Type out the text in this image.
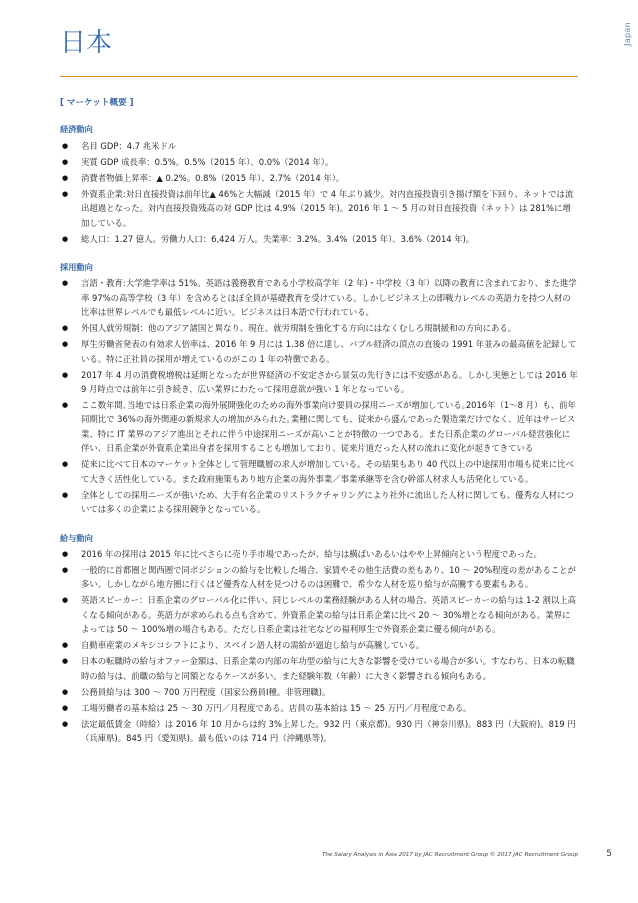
Japan
日本
[ マーケット概要 ]
経済動向
● 名目 GDP：4.7 兆米ドル
● 実質 GDP 成長率：0.5%。0.5%（2015 年）、0.0%（2014 年）。
● 消費者物価上昇率：▲ 0.2%。0.8%（2015 年）、2.7%（2014 年）。
● 外資系企業:対日直接投資は前年比▲ 46%と大幅減（2015 年）で 4 年ぶり減少。対内直接投資引き揚げ額を下回り、ネットでは流出超過となった。対内直接投資残高の対 GDP 比は 4.9%（2015 年)。2016 年 1 ～ 5 月の対日直接投資（ネット）は 281%に増加している。
● 総人口：1.27 億人。労働力人口：6,424 万人。失業率：3.2%。3.4%（2015 年）、3.6%（2014 年)。
採用動向
● 言語・教育:大学進学率は 51%。英語は義務教育である小学校高学年（2 年)・中学校（3 年）以降の教育に含まれており、また進学率 97%の高等学校（3 年）を含めるとほぼ全員が基礎教育を受けている。しかしビジネス上の即戦力レベルの英語力を持つ人材の比率は世界レベルでも最低レベルに近い。ビジネスは日本語で行われている。
● 外国人就労規制：他のアジア諸国と異なり、現在、就労規制を強化する方向にはなくむしろ規制緩和の方向にある。
● 厚生労働省発表の有効求人倍率は、2016 年 9 月には 1.38 倍に達し、バブル経済の頂点の直後の 1991 年並みの最高値を記録している。特に正社員の採用が増えているのがこの 1 年の特徴である。
● 2017 年 4 月の消費税増税は延期となったが世界経済の不安定さから景気の先行きには不安感がある。しかし実態としては 2016 年 9 月時点では前年に引き続き、広い業界にわたって採用意欲が強い 1 年となっている。
● ここ数年間､当地では日系企業の海外展開強化のための海外事業向け要員の採用ニーズが増加している｡2016年（1～8 月）も、前年同期比で 36%の海外関連の新規求人の増加がみられた｡業種に関しても、従来から盛んであった製造業だけでなく、近年はサービス業、特に IT 業界のアジア進出とそれに伴う中途採用ニーズが高いことが特徴の一つである。また日系企業のグローバル経営強化に伴い、日系企業が外資系企業出身者を採用することも増加しており、従来片道だった人材の流れに変化が起きてきている
● 従来に比べて日本のマーケット全体として管理職層の求人が増加している。その結果もあり 40 代以上の中途採用市場も従来に比べて大きく活性化している。また政府施策もあり地方企業の海外事業／事業承継等を含む幹部人材求人も活発化している。
● 全体としての採用ニーズが強いため、大手有名企業のリストラクチャリングにより社外に流出した人材に関しても、優秀な人材については多くの企業による採用競争となっている。
給与動向
● 2016 年の採用は 2015 年に比べさらに売り手市場であったが、給与は横ばいあるいはやや上昇傾向という程度であった。
● 一般的に首都圏と関西圏で同ポジションの給与を比較した場合、家賃やその他生活費の差もあり、10 ～ 20%程度の差があることが多い。しかしながら地方圏に行くほど優秀な人材を見つけるのは困難で、希少な人材を巡り給与が高騰する要素もある。
● 英語スピーカー：日系企業のグローバル化に伴い、同じレベルの業務経験がある人材の場合、英語スピーカーの給与は 1-2 割以上高くなる傾向がある。英語力が求められる点も含めて、外資系企業の給与は日系企業に比べ 20 ～ 30%増となる傾向がある。業界によっては 50 ～ 100%増の場合もある。ただし日系企業は社宅などの福利厚生で外資系企業に優る傾向がある。
● 自動車産業のメキシコシフトにより、スペイン語人材の需給が逼迫し給与が高騰している。
● 日本の転職時の給与オファー金額は、日系企業の内部の年功型の給与に大きな影響を受けている場合が多い。すなわち、日本の転職時の給与は、前職の給与と同額となるケースが多い。また経験年数（年齢）に大きく影響される傾向もある。
● 公務員給与は 300 ～ 700 万円程度（国家公務員Ⅰ種。非管理職)。
● 工場労働者の基本給は 25 ～ 30 万円／月程度である。店員の基本給は 15 ～ 25 万円／月程度である。
● 法定最低賃金（時給）は 2016 年 10 月からは約 3%上昇した。932 円（東京都)。930 円（神奈川県)。883 円（大阪府)。819 円（兵庫県)。845 円（愛知県)。最も低いのは 714 円（沖縄県等)。
The Salary Analysis in Asia 2017 by JAC Recruitment Group © 2017 JAC Recruitment Group	5
